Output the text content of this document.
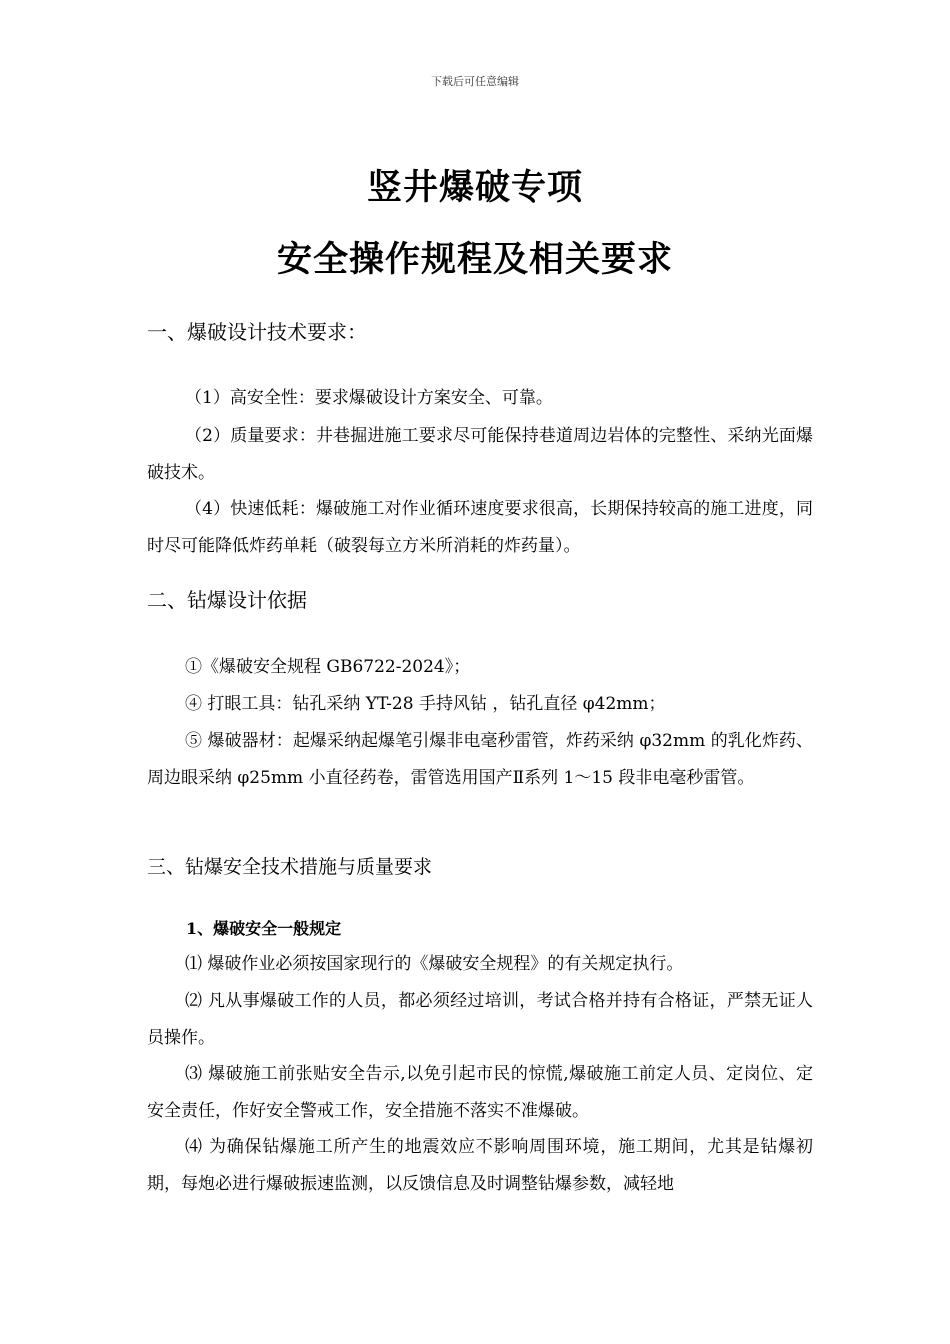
下载后可任意编辑
竖井爆破专项
安全操作规程及相关要求
一、爆破设计技术要求：
（1）高安全性：要求爆破设计方案安全、可靠。
（2）质量要求：井巷掘进施工要求尽可能保持巷道周边岩体的完整性、采纳光面爆破技术。
（4）快速低耗：爆破施工对作业循环速度要求很高，长期保持较高的施工进度，同时尽可能降低炸药单耗（破裂每立方米所消耗的炸药量）。
二、钻爆设计依据
①《爆破安全规程 GB6722-2024》；
④ 打眼工具：钻孔采纳 YT-28 手持风钻 ，钻孔直径 φ42mm；
⑤ 爆破器材：起爆采纳起爆笔引爆非电毫秒雷管，炸药采纳 φ32mm 的乳化炸药、周边眼采纳 φ25mm 小直径药卷，雷管选用国产Ⅱ系列 1～15 段非电毫秒雷管。
三、钻爆安全技术措施与质量要求
1、爆破安全一般规定
⑴ 爆破作业必须按国家现行的《爆破安全规程》的有关规定执行。
⑵ 凡从事爆破工作的人员，都必须经过培训，考试合格并持有合格证，严禁无证人员操作。
⑶ 爆破施工前张贴安全告示,以免引起市民的惊慌,爆破施工前定人员、定岗位、定安全责任，作好安全警戒工作，安全措施不落实不准爆破。
⑷ 为确保钻爆施工所产生的地震效应不影响周围环境，施工期间，尤其是钻爆初期，每炮必进行爆破振速监测，以反馈信息及时调整钻爆参数，减轻地
